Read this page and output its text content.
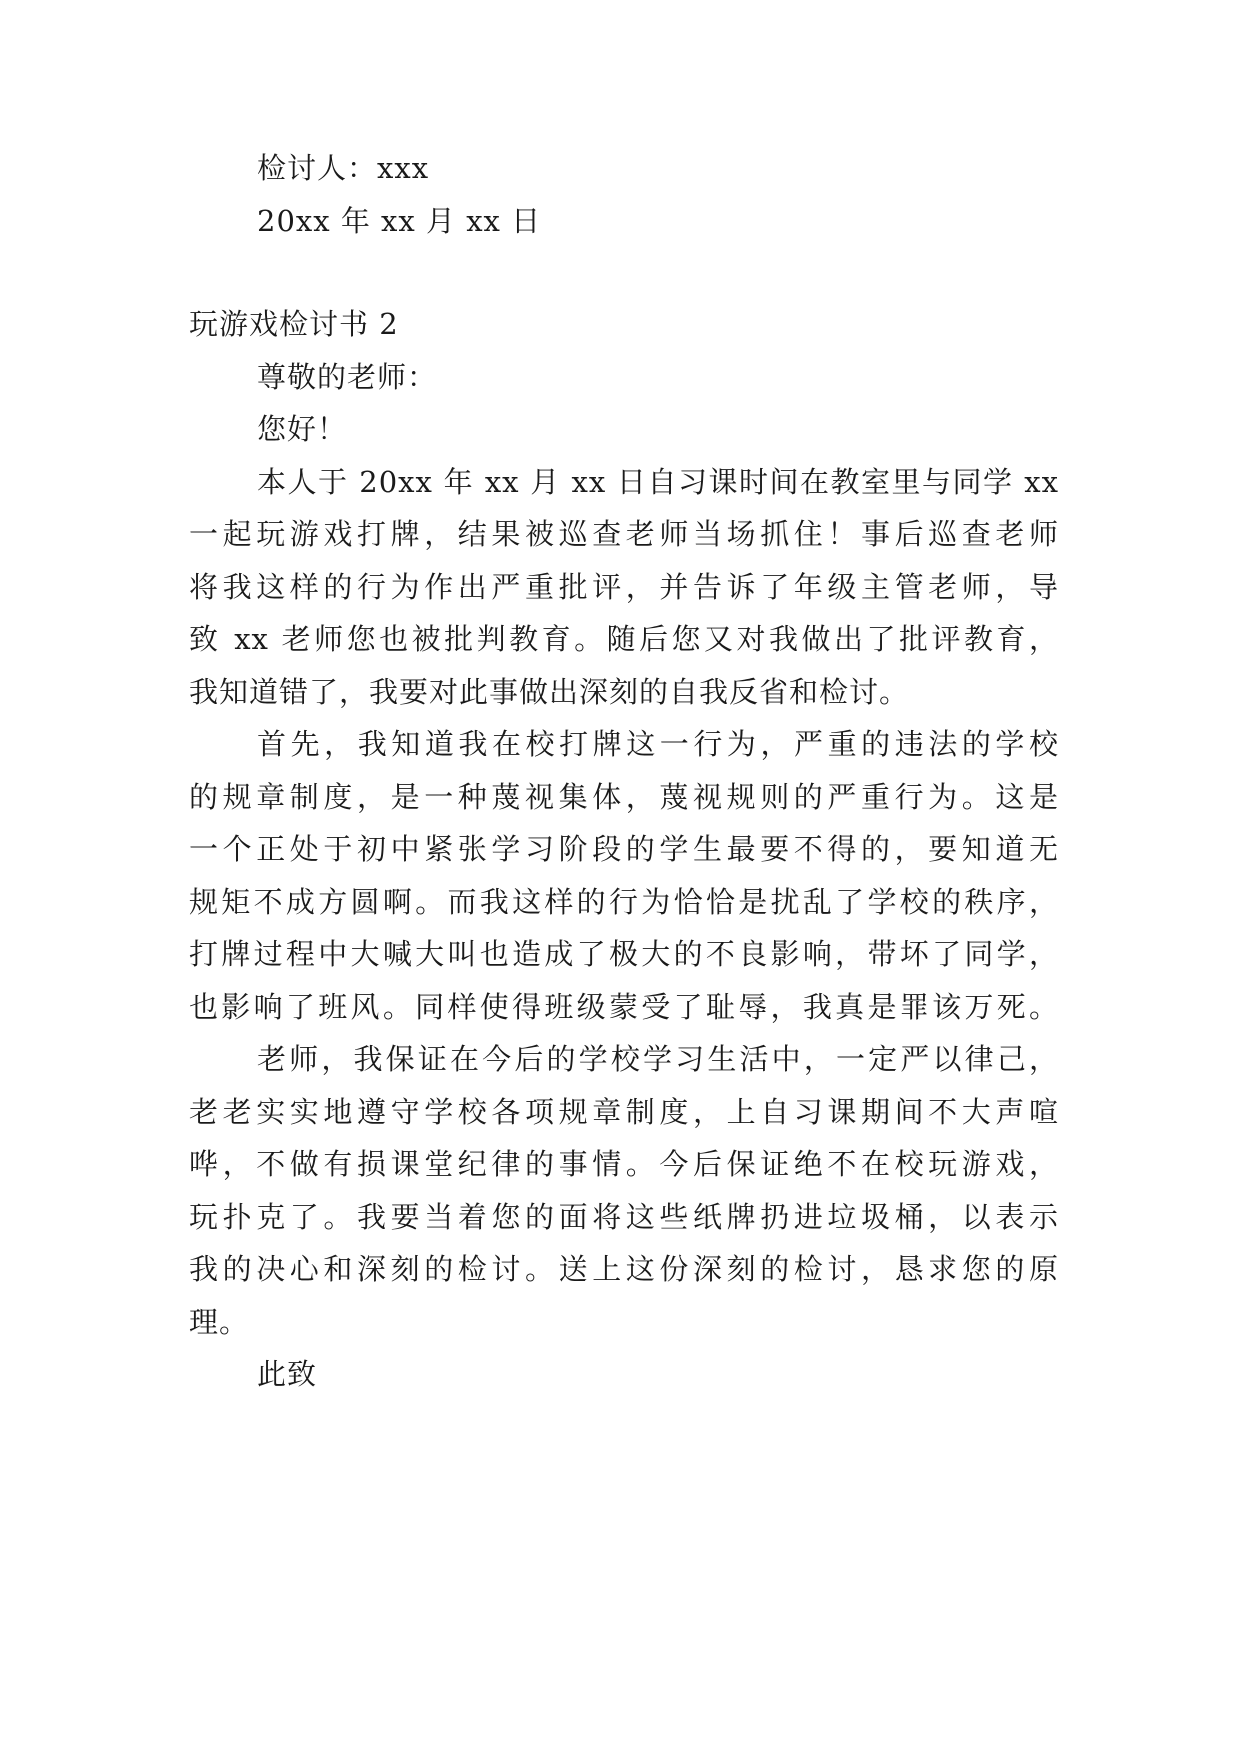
检讨人：xxx
20xx 年 xx 月 xx 日
玩游戏检讨书 2
尊敬的老师：
您好！
本人于 20xx 年 xx 月 xx 日自习课时间在教室里与同学 xx
一起玩游戏打牌，结果被巡查老师当场抓住！事后巡查老师
将我这样的行为作出严重批评，并告诉了年级主管老师，导
致 xx 老师您也被批判教育。随后您又对我做出了批评教育，
我知道错了，我要对此事做出深刻的自我反省和检讨。
首先，我知道我在校打牌这一行为，严重的违法的学校
的规章制度，是一种蔑视集体，蔑视规则的严重行为。这是
一个正处于初中紧张学习阶段的学生最要不得的，要知道无
规矩不成方圆啊。而我这样的行为恰恰是扰乱了学校的秩序，
打牌过程中大喊大叫也造成了极大的不良影响，带坏了同学，
也影响了班风。同样使得班级蒙受了耻辱，我真是罪该万死。
老师，我保证在今后的学校学习生活中，一定严以律己，
老老实实地遵守学校各项规章制度，上自习课期间不大声喧
哗，不做有损课堂纪律的事情。今后保证绝不在校玩游戏，
玩扑克了。我要当着您的面将这些纸牌扔进垃圾桶，以表示
我的决心和深刻的检讨。送上这份深刻的检讨，恳求您的原
理。
此致
